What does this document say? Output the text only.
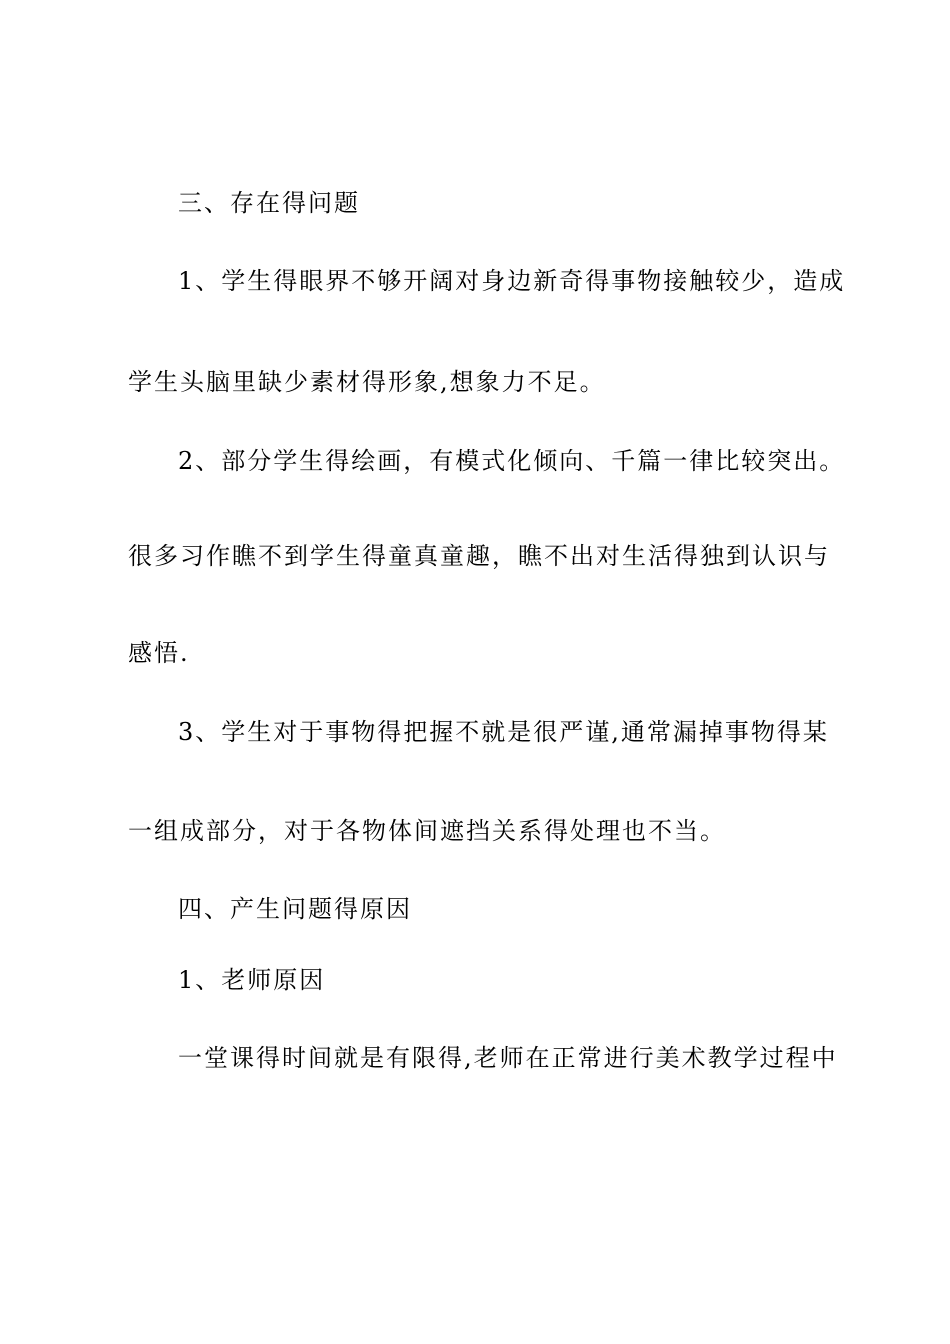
三、存在得问题
1、学生得眼界不够开阔对身边新奇得事物接触较少，造成
学生头脑里缺少素材得形象,想象力不足。
2、部分学生得绘画，有模式化倾向、千篇一律比较突出。
很多习作瞧不到学生得童真童趣，瞧不出对生活得独到认识与
感悟.
3、学生对于事物得把握不就是很严谨,通常漏掉事物得某
一组成部分，对于各物体间遮挡关系得处理也不当。
四、产生问题得原因
1、老师原因
一堂课得时间就是有限得,老师在正常进行美术教学过程中
